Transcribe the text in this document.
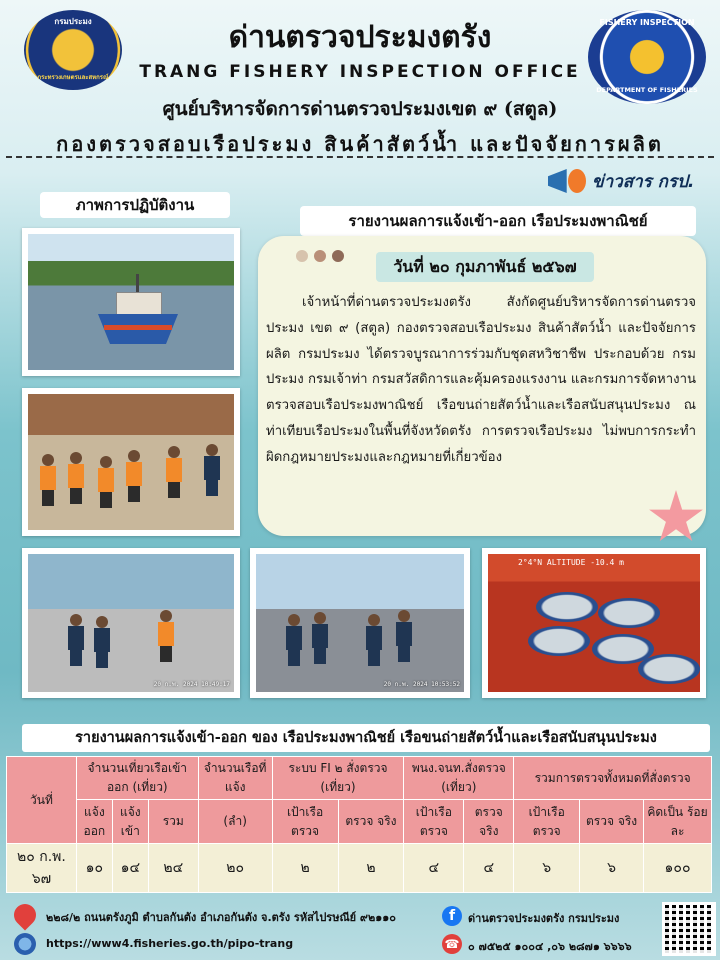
กรมประมง
กระทรวงเกษตรและสหกรณ์
FISHERY INSPECTION
DEPARTMENT OF FISHERIES
ด่านตรวจประมงตรัง
TRANG FISHERY INSPECTION OFFICE
ศูนย์บริหารจัดการด่านตรวจประมงเขต ๙ (สตูล)
กองตรวจสอบเรือประมง สินค้าสัตว์น้ำ และปัจจัยการผลิต
ข่าวสาร กรป.
ภาพการปฏิบัติงาน
รายงานผลการแจ้งเข้า-ออก เรือประมงพาณิชย์
20 ก.พ. 2024 10:49:17	20 ก.พ. 2024 10:53:52
2°4°N ALTITUDE -10.4 m
วันที่ ๒๐ กุมภาพันธ์ ๒๕๖๗
เจ้าหน้าที่ด่านตรวจประมงตรัง สังกัดศูนย์บริหารจัดการด่านตรวจประมง เขต ๙ (สตูล) กองตรวจสอบเรือประมง สินค้าสัตว์น้ำ และปัจจัยการผลิต กรมประมง ได้ตรวจบูรณาการร่วมกับชุดสหวิชาชีพ ประกอบด้วย กรมประมง กรมเจ้าท่า กรมสวัสดิการและคุ้มครองแรงงาน และกรมการจัดหางาน ตรวจสอบเรือประมงพาณิชย์ เรือขนถ่ายสัตว์น้ำและเรือสนับสนุนประมง ณ ท่าเทียบเรือประมงในพื้นที่จังหวัดตรัง การตรวจเรือประมง ไม่พบการกระทำผิดกฎหมายประมงและกฎหมายที่เกี่ยวข้อง
รายงานผลการแจ้งเข้า-ออก ของ เรือประมงพาณิชย์ เรือขนถ่ายสัตว์น้ำและเรือสนับสนุนประมง
วันที่	จำนวนเที่ยวเรือเข้าออก (เที่ยว)			จำนวนเรือที่แจ้ง	ระบบ FI ๒ สั่งตรวจ (เที่ยว)		พนง.จนท.สั่งตรวจ (เที่ยว)		รวมการตรวจทั้งหมดที่สั่งตรวจ		
	แจ้ง ออก	แจ้ง เข้า	รวม	(ลำ)	เป้าเรือ ตรวจ	ตรวจ จริง	เป้าเรือ ตรวจ	ตรวจ จริง	เป้าเรือ ตรวจ	ตรวจ จริง	คิดเป็น ร้อยละ
๒๐ ก.พ. ๖๗	๑๐	๑๔	๒๔	๒๐	๒	๒	๔	๔	๖	๖	๑๐๐
๒๒๘/๒ ถนนตรังภูมิ ตำบลกันตัง อำเภอกันตัง จ.ตรัง รหัสไปรษณีย์ ๙๒๑๑๐
https://www4.fisheries.go.th/pipo-trang
f	ด่านตรวจประมงตรัง กรมประมง
☎ ๐ ๗๕๒๕ ๑๐๐๔ ,๐๖ ๒๘๗๑ ๖๖๖๖
